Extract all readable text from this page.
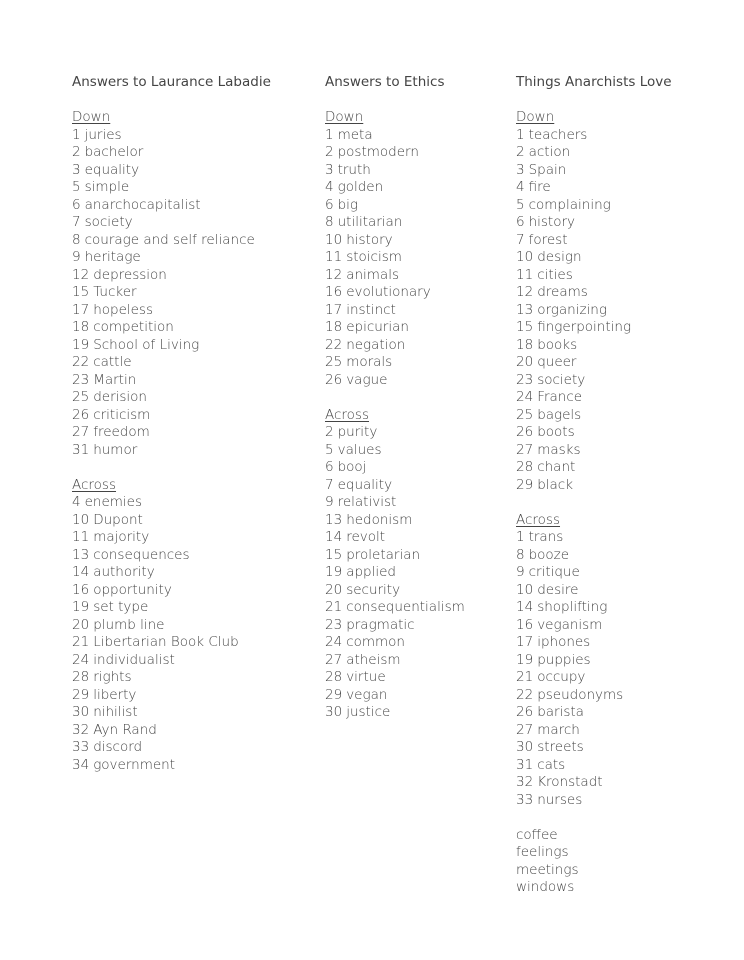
Answers to Laurance Labadie
Down
1 juries
2 bachelor
3 equality
5 simple
6 anarchocapitalist
7 society
8 courage and self reliance
9 heritage
12 depression
15 Tucker
17 hopeless
18 competition
19 School of Living
22 cattle
23 Martin
25 derision
26 criticism
27 freedom
31 humor
Across
4 enemies
10 Dupont
11 majority
13 consequences
14 authority
16 opportunity
19 set type
20 plumb line
21 Libertarian Book Club
24 individualist
28 rights
29 liberty
30 nihilist
32 Ayn Rand
33 discord
34 government
Answers to Ethics
Down
1 meta
2 postmodern
3 truth
4 golden
6 big
8 utilitarian
10 history
11 stoicism
12 animals
16 evolutionary
17 instinct
18 epicurian
22 negation
25 morals
26 vague
Across
2 purity
5 values
6 booj
7 equality
9 relativist
13 hedonism
14 revolt
15 proletarian
19 applied
20 security
21 consequentialism
23 pragmatic
24 common
27 atheism
28 virtue
29 vegan
30 justice
Things Anarchists Love
Down
1 teachers
2 action
3 Spain
4 fire
5 complaining
6 history
7 forest
10 design
11 cities
12 dreams
13 organizing
15 fingerpointing
18 books
20 queer
23 society
24 France
25 bagels
26 boots
27 masks
28 chant
29 black
Across
1 trans
8 booze
9 critique
10 desire
14 shoplifting
16 veganism
17 iphones
19 puppies
21 occupy
22 pseudonyms
26 barista
27 march
30 streets
31 cats
32 Kronstadt
33 nurses
coffee
feelings
meetings
windows
